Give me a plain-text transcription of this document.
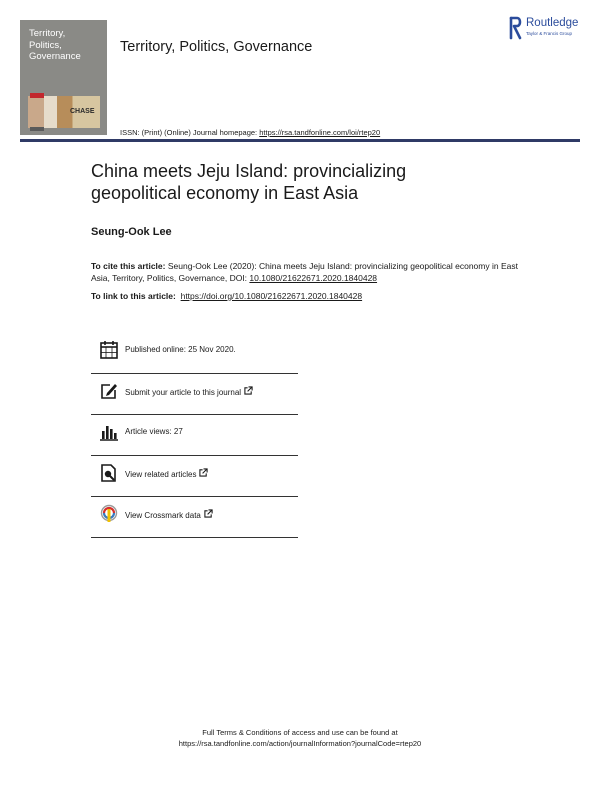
Territory,
Politics,
Governance
CHASE
Territory, Politics, Governance
Routledge
Taylor & Francis Group
ISSN: (Print) (Online) Journal homepage: https://rsa.tandfonline.com/loi/rtep20
China meets Jeju Island: provincializing
geopolitical economy in East Asia
Seung-Ook Lee
To cite this article: Seung-Ook Lee (2020): China meets Jeju Island: provincializing geopolitical economy in East Asia, Territory, Politics, Governance, DOI: 10.1080/21622671.2020.1840428
To link to this article: https://doi.org/10.1080/21622671.2020.1840428
Published online: 25 Nov 2020.
Submit your article to this journal
Article views: 27
View related articles
View Crossmark data
Full Terms & Conditions of access and use can be found at
https://rsa.tandfonline.com/action/journalInformation?journalCode=rtep20
